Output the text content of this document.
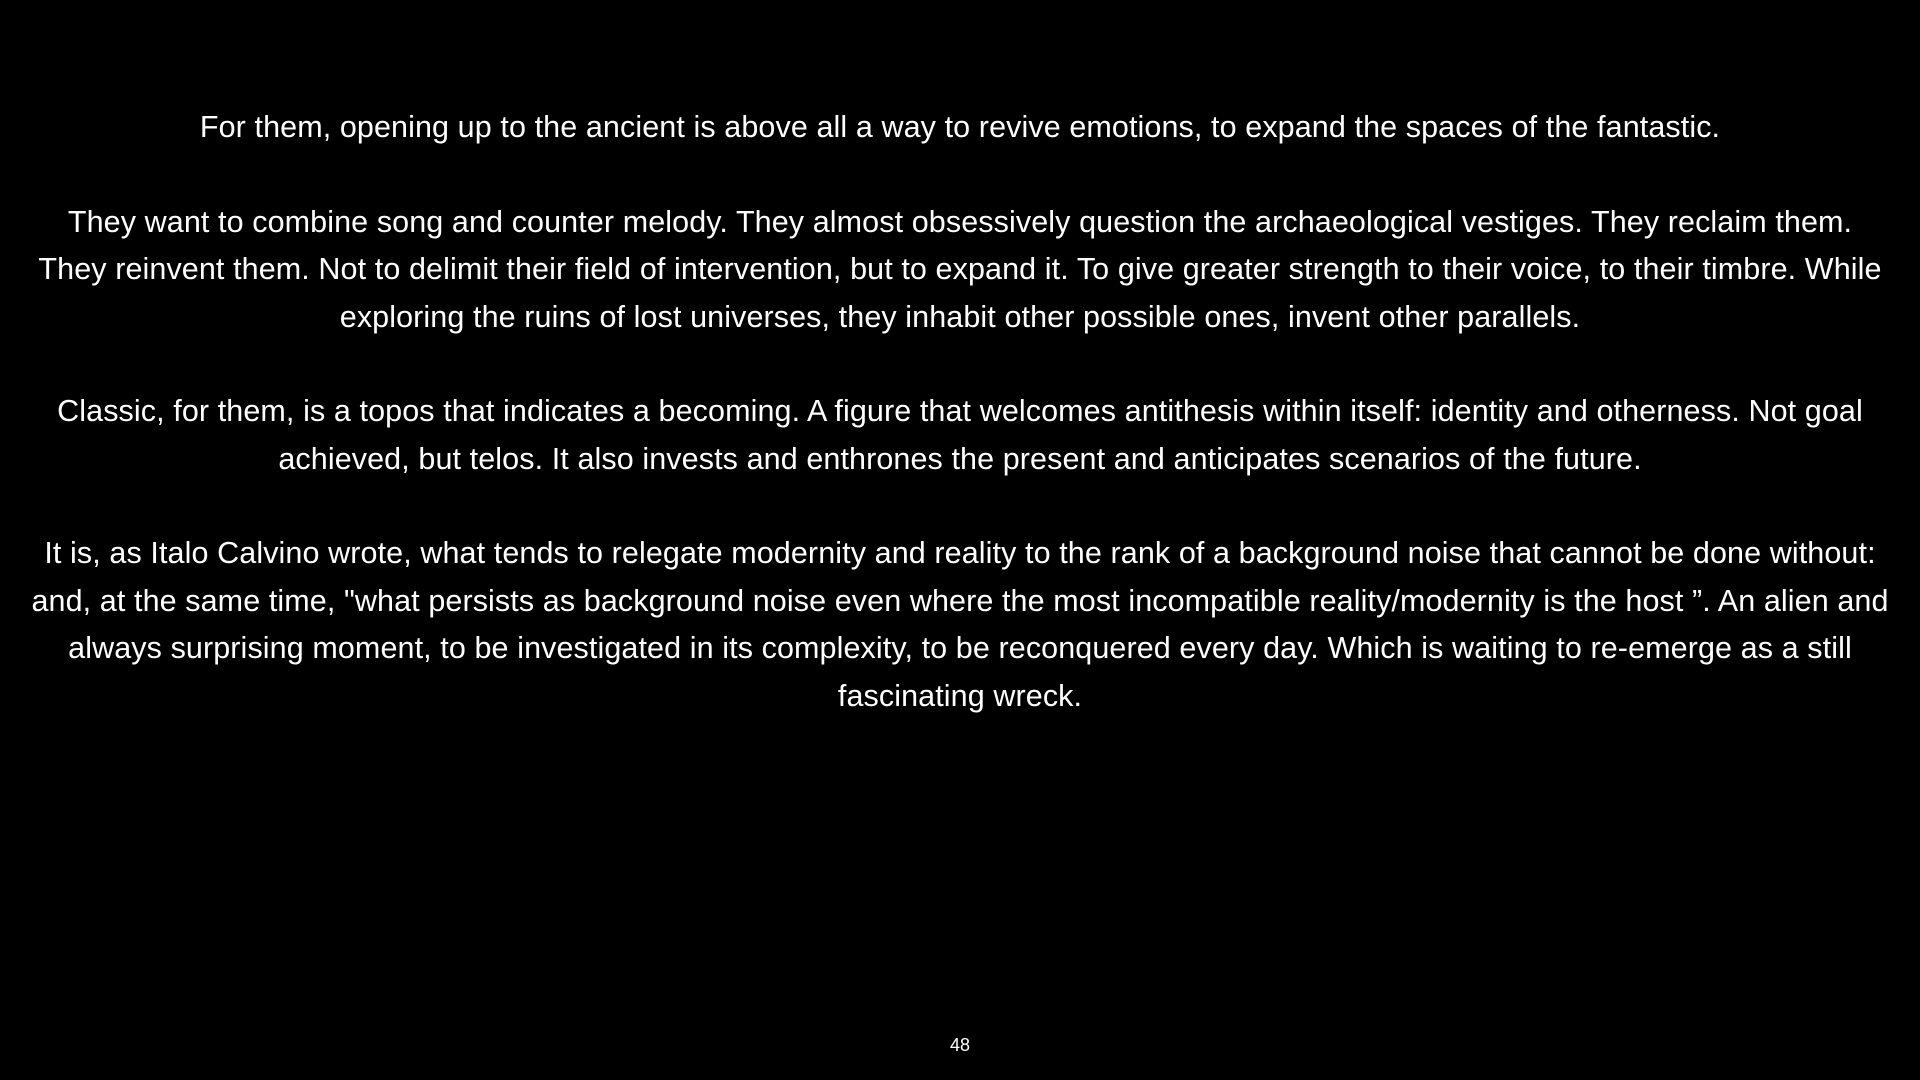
For them, opening up to the ancient is above all a way to revive emotions, to expand the spaces of the fantastic.

They want to combine song and counter melody. They almost obsessively question the archaeological vestiges. They reclaim them. They reinvent them. Not to delimit their field of intervention, but to expand it. To give greater strength to their voice, to their timbre. While exploring the ruins of lost universes, they inhabit other possible ones, invent other parallels.

Classic, for them, is a topos that indicates a becoming. A figure that welcomes antithesis within itself: identity and otherness. Not goal achieved, but telos. It also invests and enthrones the present and anticipates scenarios of the future.

It is, as Italo Calvino wrote, what tends to relegate modernity and reality to the rank of a background noise that cannot be done without: and, at the same time, "what persists as background noise even where the most incompatible reality/modernity is the host ”. An alien and always surprising moment, to be investigated in its complexity, to be reconquered every day. Which is waiting to re-emerge as a still fascinating wreck.

48
